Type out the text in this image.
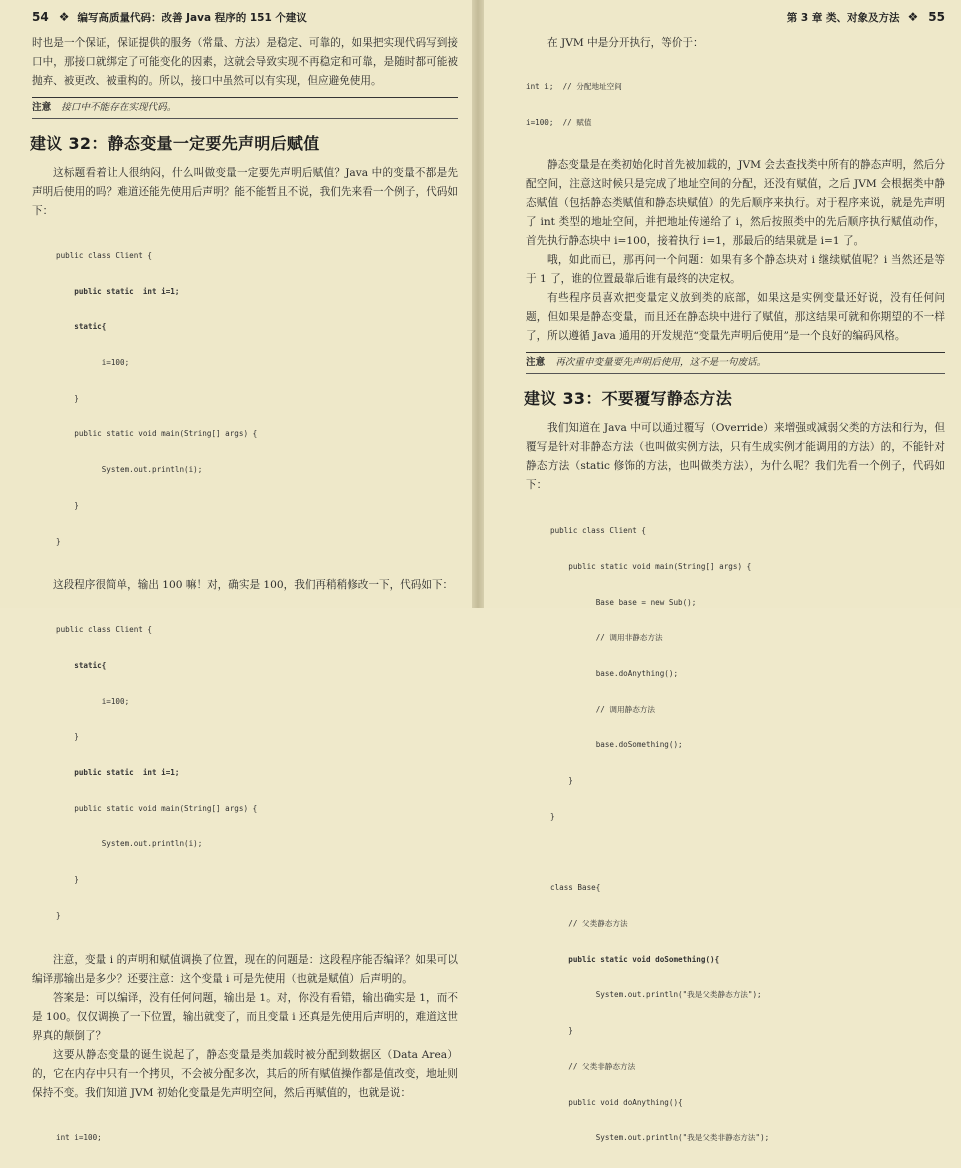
54 ❖ 编写高质量代码：改善 Java 程序的 151 个建议

时也是一个保证，保证提供的服务（常量、方法）是稳定、可靠的，如果把实现代码写到接口中，那接口就绑定了可能变化的因素，这就会导致实现不再稳定和可靠，是随时都可能被抛弃、被更改、被重构的。所以，接口中虽然可以有实现，但应避免使用。

注意 接口中不能存在实现代码。
建议 32：静态变量一定要先声明后赋值

这标题看着让人很纳闷，什么叫做变量一定要先声明后赋值？Java 中的变量不都是先声明后使用的吗？难道还能先使用后声明？能不能暂且不说，我们先来看一个例子，代码如下：

public class Client {

public static  int i=1;

static{

i=100;

}

public static void main(String[] args) {

System.out.println(i);

}

}

这段程序很简单，输出 100 嘛！对，确实是 100，我们再稍稍修改一下，代码如下：

public class Client {

static{

i=100;

}

public static  int i=1;

public static void main(String[] args) {

System.out.println(i);

}

}

注意，变量 i 的声明和赋值调换了位置，现在的问题是：这段程序能否编译？如果可以编译那输出是多少？还要注意：这个变量 i 可是先使用（也就是赋值）后声明的。

答案是：可以编译，没有任何问题，输出是 1。对，你没有看错，输出确实是 1，而不是 100。仅仅调换了一下位置，输出就变了，而且变量 i 还真是先使用后声明的，难道这世界真的颠倒了？

这要从静态变量的诞生说起了，静态变量是类加载时被分配到数据区（Data Area）的，它在内存中只有一个拷贝，不会被分配多次，其后的所有赋值操作都是值改变，地址则保持不变。我们知道 JVM 初始化变量是先声明空间，然后再赋值的，也就是说：

int i=100;

第 3 章 类、对象及方法 ❖ 55

在 JVM 中是分开执行，等价于：

int i;  // 分配地址空间

i=100;  // 赋值

静态变量是在类初始化时首先被加载的，JVM 会去查找类中所有的静态声明，然后分配空间，注意这时候只是完成了地址空间的分配，还没有赋值，之后 JVM 会根据类中静态赋值（包括静态类赋值和静态块赋值）的先后顺序来执行。对于程序来说，就是先声明了 int 类型的地址空间，并把地址传递给了 i，然后按照类中的先后顺序执行赋值动作，首先执行静态块中 i=100，接着执行 i=1，那最后的结果就是 i=1 了。

哦，如此而已，那再问一个问题：如果有多个静态块对 i 继续赋值呢？i 当然还是等于 1 了，谁的位置最靠后谁有最终的决定权。

有些程序员喜欢把变量定义放到类的底部，如果这是实例变量还好说，没有任何问题，但如果是静态变量，而且还在静态块中进行了赋值，那这结果可就和你期望的不一样了，所以遵循 Java 通用的开发规范“变量先声明后使用”是一个良好的编码风格。

注意 再次重申变量要先声明后使用，这不是一句废话。
建议 33：不要覆写静态方法

我们知道在 Java 中可以通过覆写（Override）来增强或减弱父类的方法和行为，但覆写是针对非静态方法（也叫做实例方法，只有生成实例才能调用的方法）的，不能针对静态方法（static 修饰的方法，也叫做类方法），为什么呢？我们先看一个例子，代码如下：

public class Client {

public static void main(String[] args) {

Base base = new Sub();

// 调用非静态方法

base.doAnything();

// 调用静态方法

base.doSomething();

}

}

class Base{

// 父类静态方法

public static void doSomething(){

System.out.println("我是父类静态方法");

}

// 父类非静态方法

public void doAnything(){

System.out.println("我是父类非静态方法");
